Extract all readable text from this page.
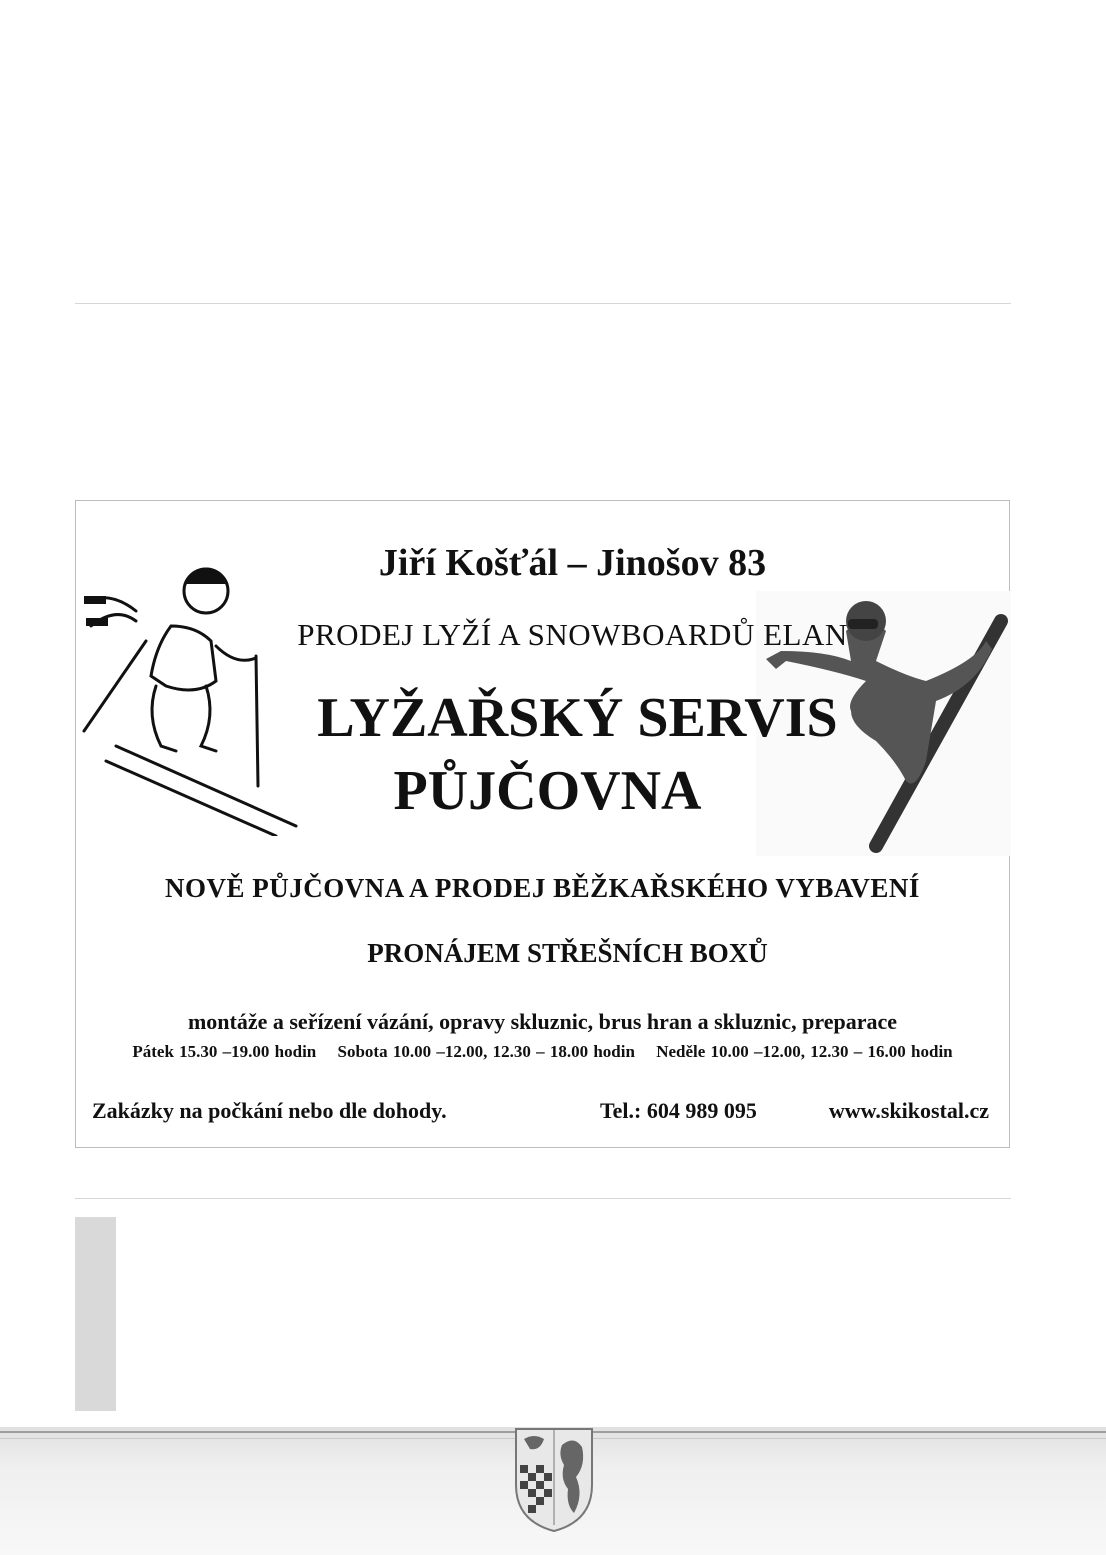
Jiří Košťál – Jinošov 83
PRODEJ LYŽÍ A SNOWBOARDŮ ELAN
LYŽAŘSKÝ SERVIS
PŮJČOVNA
NOVĚ PŮJČOVNA A PRODEJ BĚŽKAŘSKÉHO VYBAVENÍ
PRONÁJEM STŘEŠNÍCH BOXŮ
montáže a seřízení vázání, opravy skluznic, brus hran a skluznic, preparace
Pátek 15.30 –19.00 hodin Sobota 10.00 –12.00, 12.30 – 18.00 hodin Neděle 10.00 –12.00, 12.30 – 16.00 hodin
Zakázky na počkání nebo dle dohody.	Tel.: 604 989 095	www.skikostal.cz
